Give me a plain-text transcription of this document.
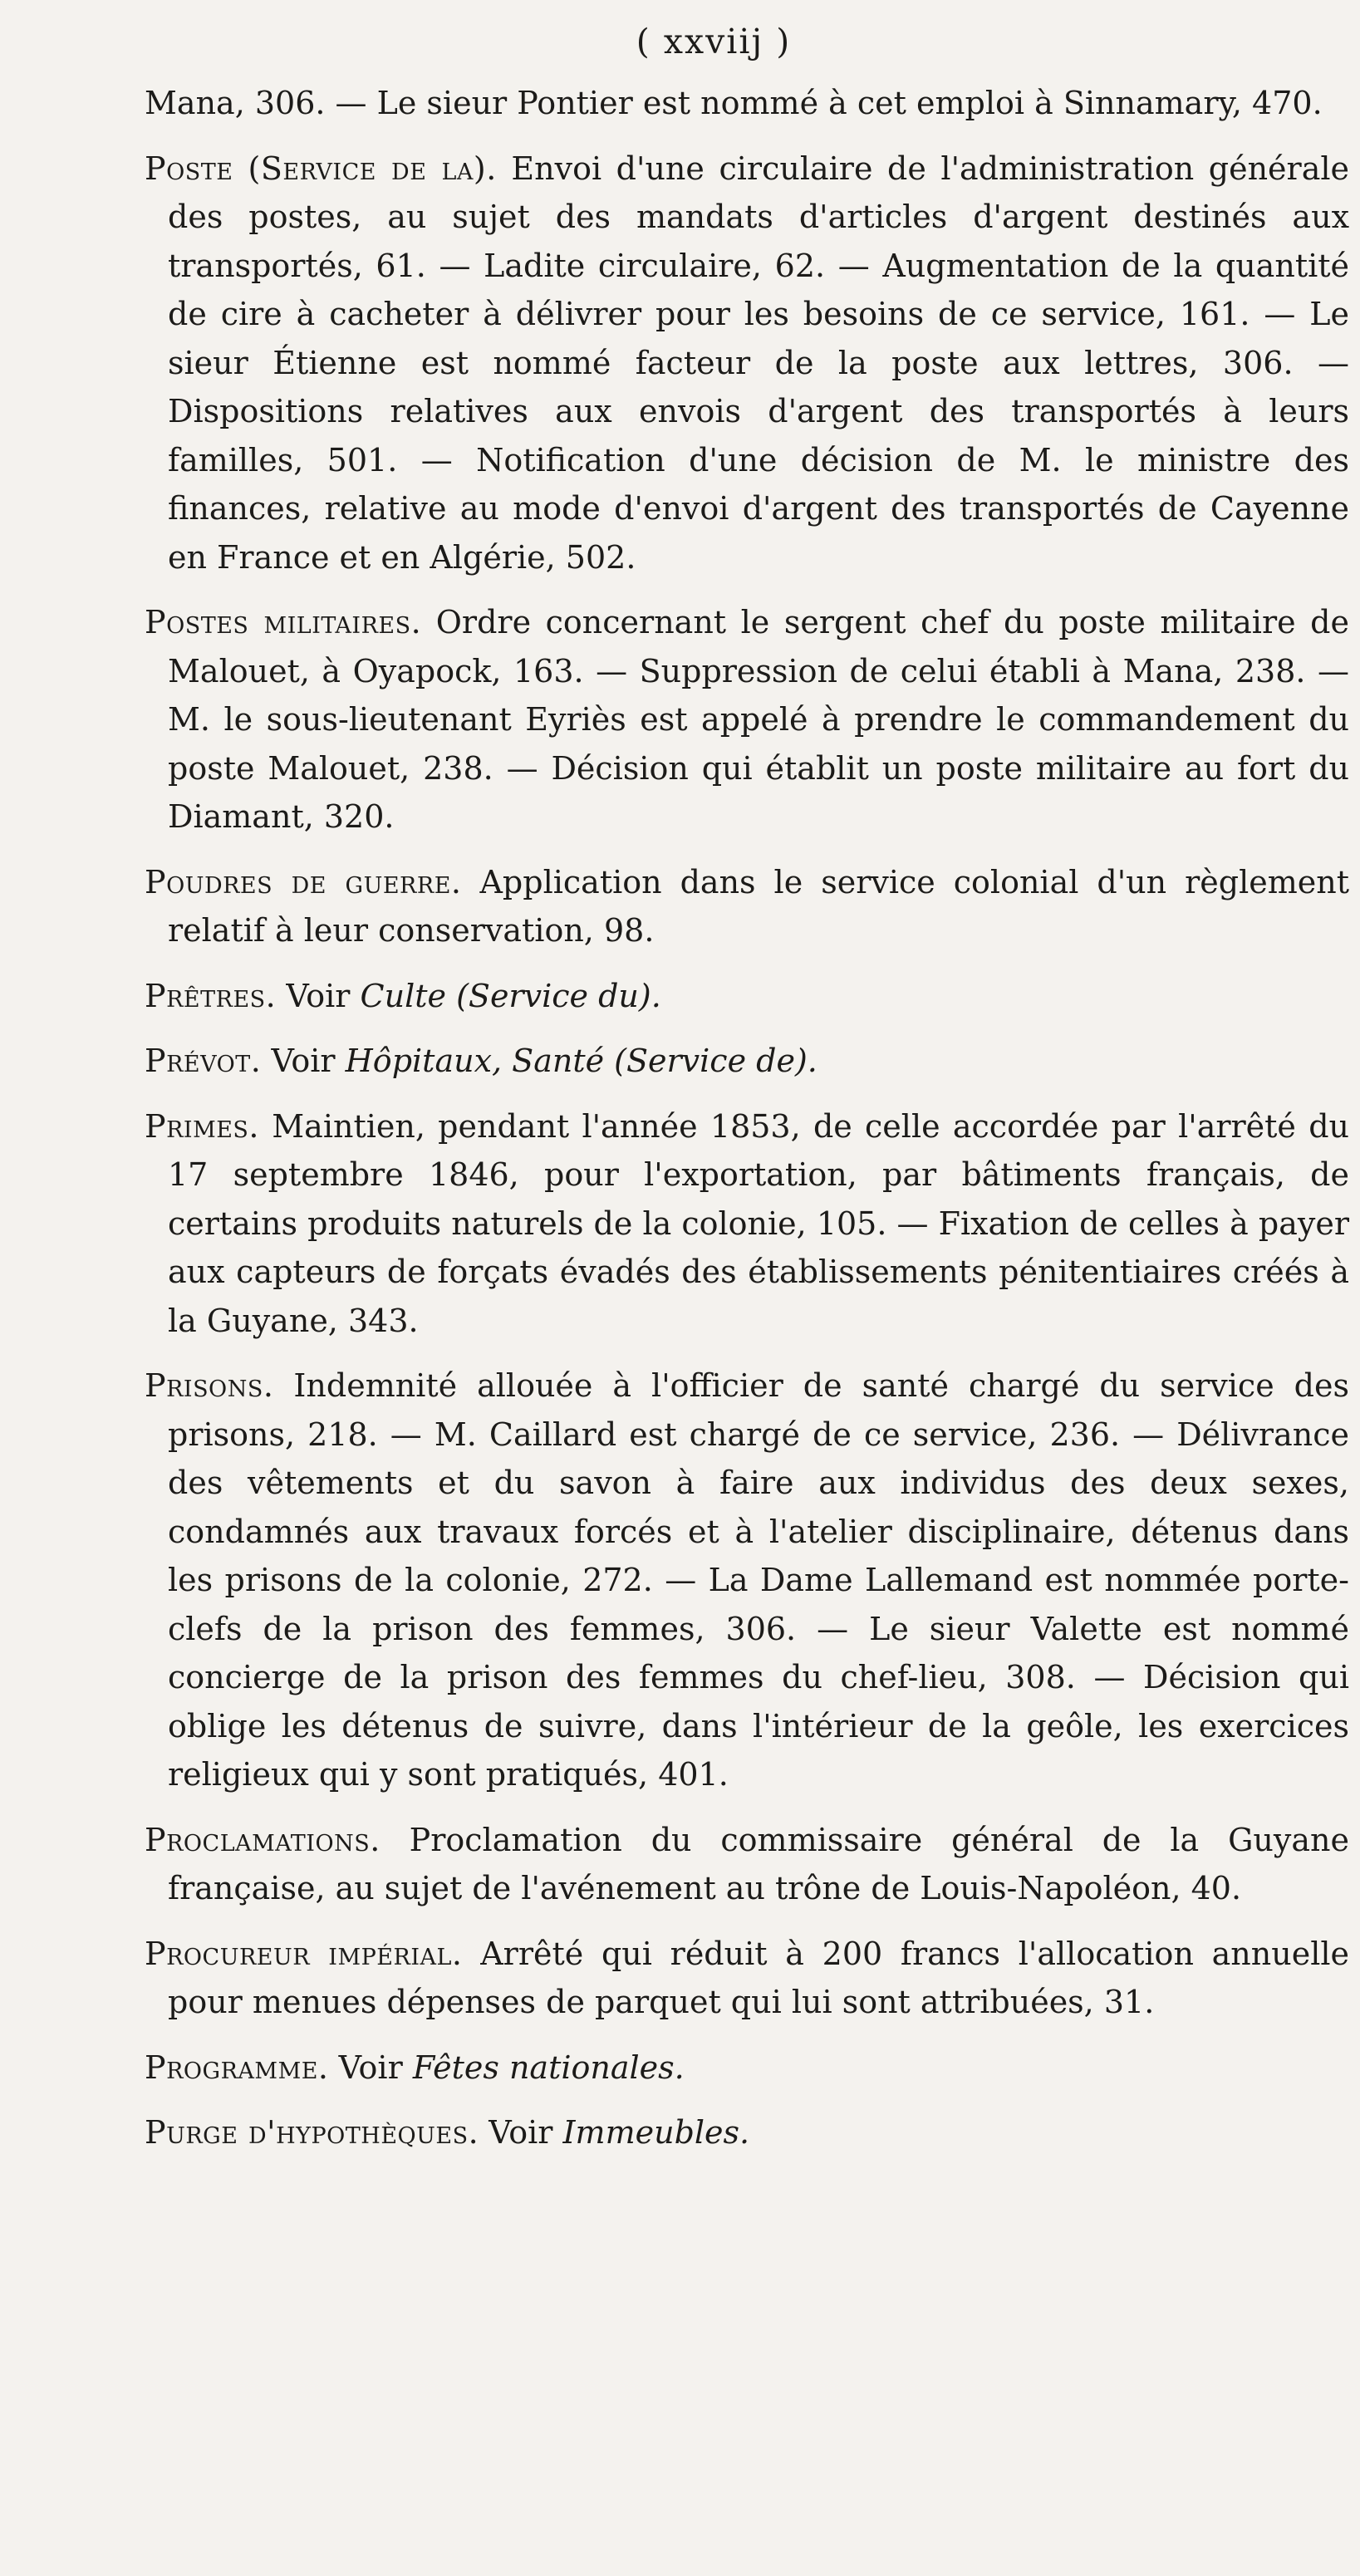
( xxviij )

Mana, 306. — Le sieur Pontier est nommé à cet emploi à Sinnamary, 470.

Poste (Service de la). Envoi d'une circulaire de l'administration générale des postes, au sujet des mandats d'articles d'argent destinés aux transportés, 61. — Ladite circulaire, 62. — Augmentation de la quantité de cire à cacheter à délivrer pour les besoins de ce service, 161. — Le sieur Étienne est nommé facteur de la poste aux lettres, 306. — Dispositions relatives aux envois d'argent des transportés à leurs familles, 501. — Notification d'une décision de M. le ministre des finances, relative au mode d'envoi d'argent des transportés de Cayenne en France et en Algérie, 502.

Postes militaires. Ordre concernant le sergent chef du poste militaire de Malouet, à Oyapock, 163. — Suppression de celui établi à Mana, 238. — M. le sous-lieutenant Eyriès est appelé à prendre le commandement du poste Malouet, 238. — Décision qui établit un poste militaire au fort du Diamant, 320.

Poudres de guerre. Application dans le service colonial d'un règlement relatif à leur conservation, 98.

Prêtres. Voir Culte (Service du).

Prévot. Voir Hôpitaux, Santé (Service de).

Primes. Maintien, pendant l'année 1853, de celle accordée par l'arrêté du 17 septembre 1846, pour l'exportation, par bâtiments français, de certains produits naturels de la colonie, 105. — Fixation de celles à payer aux capteurs de forçats évadés des établissements pénitentiaires créés à la Guyane, 343.

Prisons. Indemnité allouée à l'officier de santé chargé du service des prisons, 218. — M. Caillard est chargé de ce service, 236. — Délivrance des vêtements et du savon à faire aux individus des deux sexes, condamnés aux travaux forcés et à l'atelier disciplinaire, détenus dans les prisons de la colonie, 272. — La Dame Lallemand est nommée porte-clefs de la prison des femmes, 306. — Le sieur Valette est nommé concierge de la prison des femmes du chef-lieu, 308. — Décision qui oblige les détenus de suivre, dans l'intérieur de la geôle, les exercices religieux qui y sont pratiqués, 401.

Proclamations. Proclamation du commissaire général de la Guyane française, au sujet de l'avénement au trône de Louis-Napoléon, 40.

Procureur impérial. Arrêté qui réduit à 200 francs l'allocation annuelle pour menues dépenses de parquet qui lui sont attribuées, 31.

Programme. Voir Fêtes nationales.

Purge d'hypothèques. Voir Immeubles.
